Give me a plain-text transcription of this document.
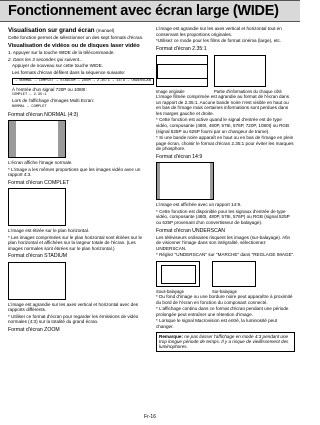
Fonctionnement avec écran large (WIDE)
Visualisation sur grand écran (manuel)
Cette fonction permet de sélectionner un des sept formats d'écran.
Visualisation de vidéos ou de disques laser vidéo
1. Appuyer sur la touche WIDE de la télécommande.
2. Dans les 3 secondes qui suivent...
Appuyer de nouveau sur cette touche WIDE.
Les formats d'écran défilent dans la séquence suivante:
→ NORMAL → COMPLET → STADIUM → ZOOM → 2.35:1 → 14:9 → UNDERSCAN
À l'entrée d'un signal 720P ou 1080I:
COMPLET ↔ 2.35:1
Lors de l'affichage d'images Multi Ecran:
NORMAL ↔ COMPLET
Format d'écran NORMAL (4:3)
L'écran affiche l'image normale.
* L'image a les mêmes proportions que les images vidéo avec un rapport 4:3.
Format d'écran COMPLET
L'image est étirée sur le plan horizontal.
* Les images comprimées sur le plan horizontal sont étirées sur le plan horizontal et affichées sur la largeur totale de l'écran. (Les images normales sont étirées sur le plan horizontal.)
Format d'écran STADIUM
L'image est agrandie sur les axes vertical et horizontal avec des rapports différents.
* Utiliser ce format d'écran pour regarder les émissions de vidéo normales (4:3) sur la totalité du grand écran.
Format d'écran ZOOM
L'image est agrandie sur les axes vertical et horizontal tout en conservant les proportions originales.
*Utilisez ce mode pour les films de format cinéma (large), etc.
Format d'écran 2.35:1
Image originale	Partie d'informations du chaque côté
L'image filmée comprimée est agrandie au format de l'écran dans un rapport de 2.35:1. Aucune bande noire n'est visible en haut ou en bas de l'image mais certaines informations sont perdues dans les marges gauche et droite.
* Cette fonction est active quand le signal d'entrée est de type vidéo, composante (480I, 480P, 576I, 576P, 720P, 1080I) ou RGB (signal 525P ou 625P fourni par un changeur de trame).
* Si une bande noire apparaît en haut ou en bas de l'image en plein page écran, choisir le format d'écran 2.35:1 pour éviter les marques de phosphore.
Format d'écran 14:9
L'image est affichée avec un rapport 14:9.
* Cette fonction est disponible pour les signaux d'entrée de type vidéo, composante (480I, 480P, 576I, 576P) ou RGB (signal 525P ou 625P provenant d'un convertisseur de balayage).
Format d'écran UNDERSCAN
Les téléviseurs ordinaires risquent les images (sur-balayage). Afin de visionner l'image dans son intégralité, sélectionnez UNDERSCAN.
* Réglez "UNDERSCAN" sur "MARCHE" dans "REGLAGE IMAGE".
Sous-balayage	Sur-balayage
* Du fond d'image ou une bordure noire peut apparaître à proximité du bord de l'écran en fonction du composant connecté.
* L'affichage continu dans ce format d'écran pendant une période prolongée peut entraîner une rétention d'image.
* Lorsque le signal Macrovision est entré, la luminosité peut changer.
Remarque: ne pas laisser l'affichage en mode 4:3 pendant une trop longue période de temps. Il y a risque de vieillissement des luminophores.
Fr-16
